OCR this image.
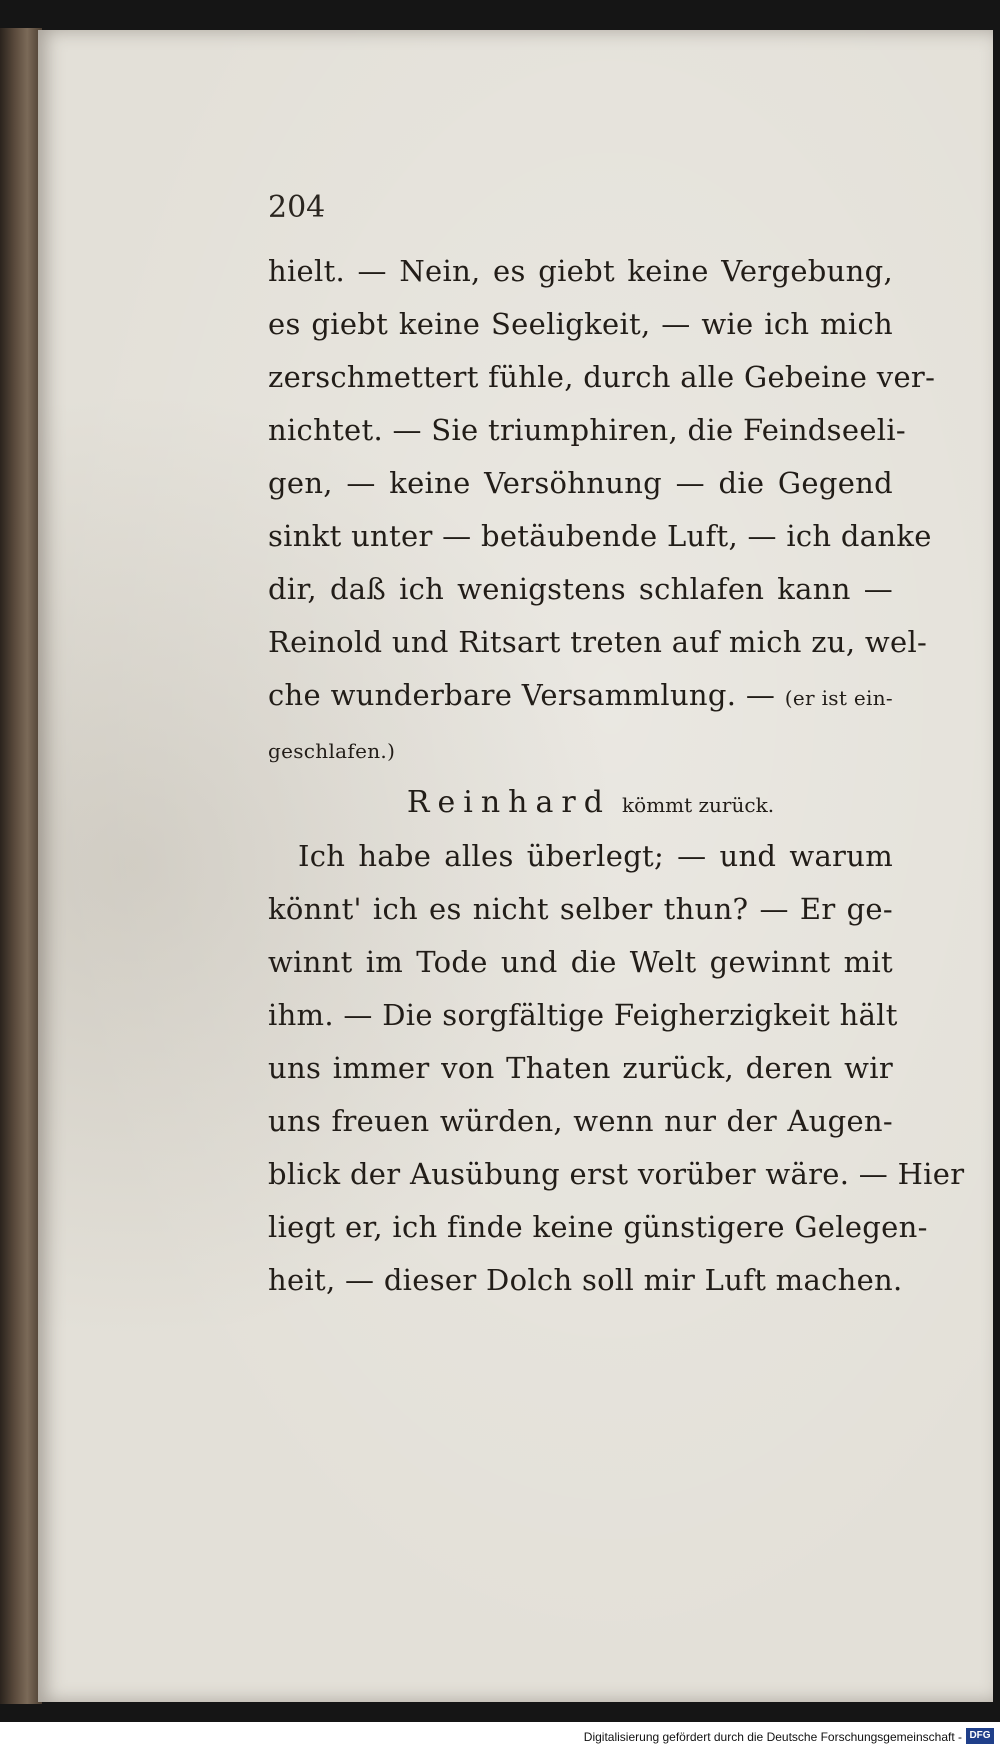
204
hielt. — Nein, es giebt keine Vergebung,
es giebt keine Seeligkeit, — wie ich mich
zerschmettert fühle, durch alle Gebeine ver-
nichtet. — Sie triumphiren, die Feindseeli-
gen, — keine Versöhnung — die Gegend
sinkt unter — betäubende Luft, — ich danke
dir, daß ich wenigstens schlafen kann —
Reinold und Ritsart treten auf mich zu, wel-
che wunderbare Versammlung. — (er ist ein-
geschlafen.)
Reinhard kömmt zurück.
Ich habe alles überlegt; — und warum
könnt' ich es nicht selber thun? — Er ge-
winnt im Tode und die Welt gewinnt mit
ihm. — Die sorgfältige Feigherzigkeit hält
uns immer von Thaten zurück, deren wir
uns freuen würden, wenn nur der Augen-
blick der Ausübung erst vorüber wäre. — Hier
liegt er, ich finde keine günstigere Gelegen-
heit, — dieser Dolch soll mir Luft machen.
Digitalisierung gefördert durch die Deutsche Forschungsgemeinschaft - DFG
